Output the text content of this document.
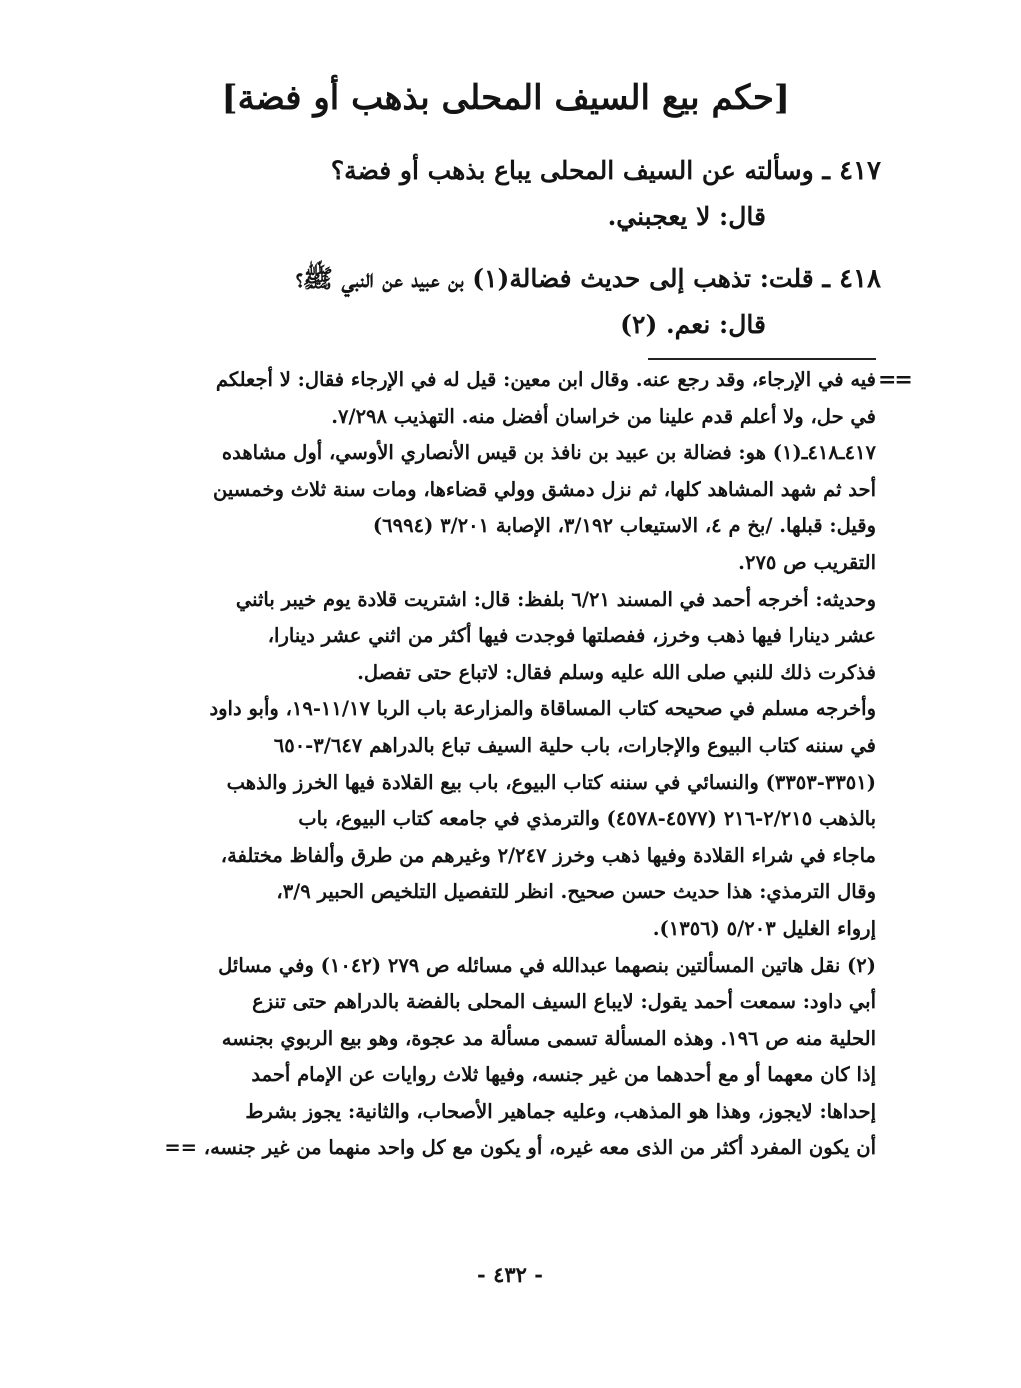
[حكم بيع السيف المحلى بذهب أو فضة]
٤١٧ ـ وسألته عن السيف المحلى يباع بذهب أو فضة؟
قال: لا يعجبني.
٤١٨ ـ قلت: تذهب إلى حديث فضالة(١) بن عبيد عن النبي ﷺ؟
قال: نعم. (٢)
==

فيه في الإرجاء، وقد رجع عنه. وقال ابن معين: قيل له في الإرجاء فقال: لا أجعلكم

في حل، ولا أعلم قدم علينا من خراسان أفضل منه. التهذيب ٧/٢٩٨.

٤١٧ـ٤١٨ـ(١) هو: فضالة بن عبيد بن نافذ بن قيس الأنصاري الأوسي، أول مشاهده

أحد ثم شهد المشاهد كلها، ثم نزل دمشق وولي قضاءها، ومات سنة ثلاث وخمسين

وقيل: قبلها. /بخ م ٤، الاستيعاب ٣/١٩٢، الإصابة ٣/٢٠١ (٦٩٩٤)

التقريب ص ٢٧٥.

وحديثه: أخرجه أحمد في المسند ٦/٢١ بلفظ: قال: اشتريت قلادة يوم خيبر باثني

عشر دينارا فيها ذهب وخرز، ففصلتها فوجدت فيها أكثر من اثني عشر دينارا،

فذكرت ذلك للنبي صلى الله عليه وسلم فقال: لاتباع حتى تفصل.

وأخرجه مسلم في صحيحه كتاب المساقاة والمزارعة باب الربا ١١/١٧-١٩، وأبو داود

في سننه كتاب البيوع والإجارات، باب حلية السيف تباع بالدراهم ٣/٦٤٧-٦٥٠

(٣٣٥١-٣٣٥٣) والنسائي في سننه كتاب البيوع، باب بيع القلادة فيها الخرز والذهب

بالذهب ٢/٢١٥-٢١٦ (٤٥٧٧-٤٥٧٨) والترمذي في جامعه كتاب البيوع، باب

ماجاء في شراء القلادة وفيها ذهب وخرز ٢/٢٤٧ وغيرهم من طرق وألفاظ مختلفة،

وقال الترمذي: هذا حديث حسن صحيح. انظر للتفصيل التلخيص الحبير ٣/٩،

إرواء الغليل ٥/٢٠٣ (١٣٥٦).

(٢) نقل هاتين المسألتين بنصهما عبدالله في مسائله ص ٢٧٩ (١٠٤٢) وفي مسائل

أبي داود: سمعت أحمد يقول: لايباع السيف المحلى بالفضة بالدراهم حتى تنزع

الحلية منه ص ١٩٦. وهذه المسألة تسمى مسألة مد عجوة، وهو بيع الربوي بجنسه

إذا كان معهما أو مع أحدهما من غير جنسه، وفيها ثلاث روايات عن الإمام أحمد

إحداها: لايجوز، وهذا هو المذهب، وعليه جماهير الأصحاب، والثانية: يجوز بشرط

أن يكون المفرد أكثر من الذى معه غيره، أو يكون مع كل واحد منهما من غير جنسه، ==

- ٤٣٢ -
